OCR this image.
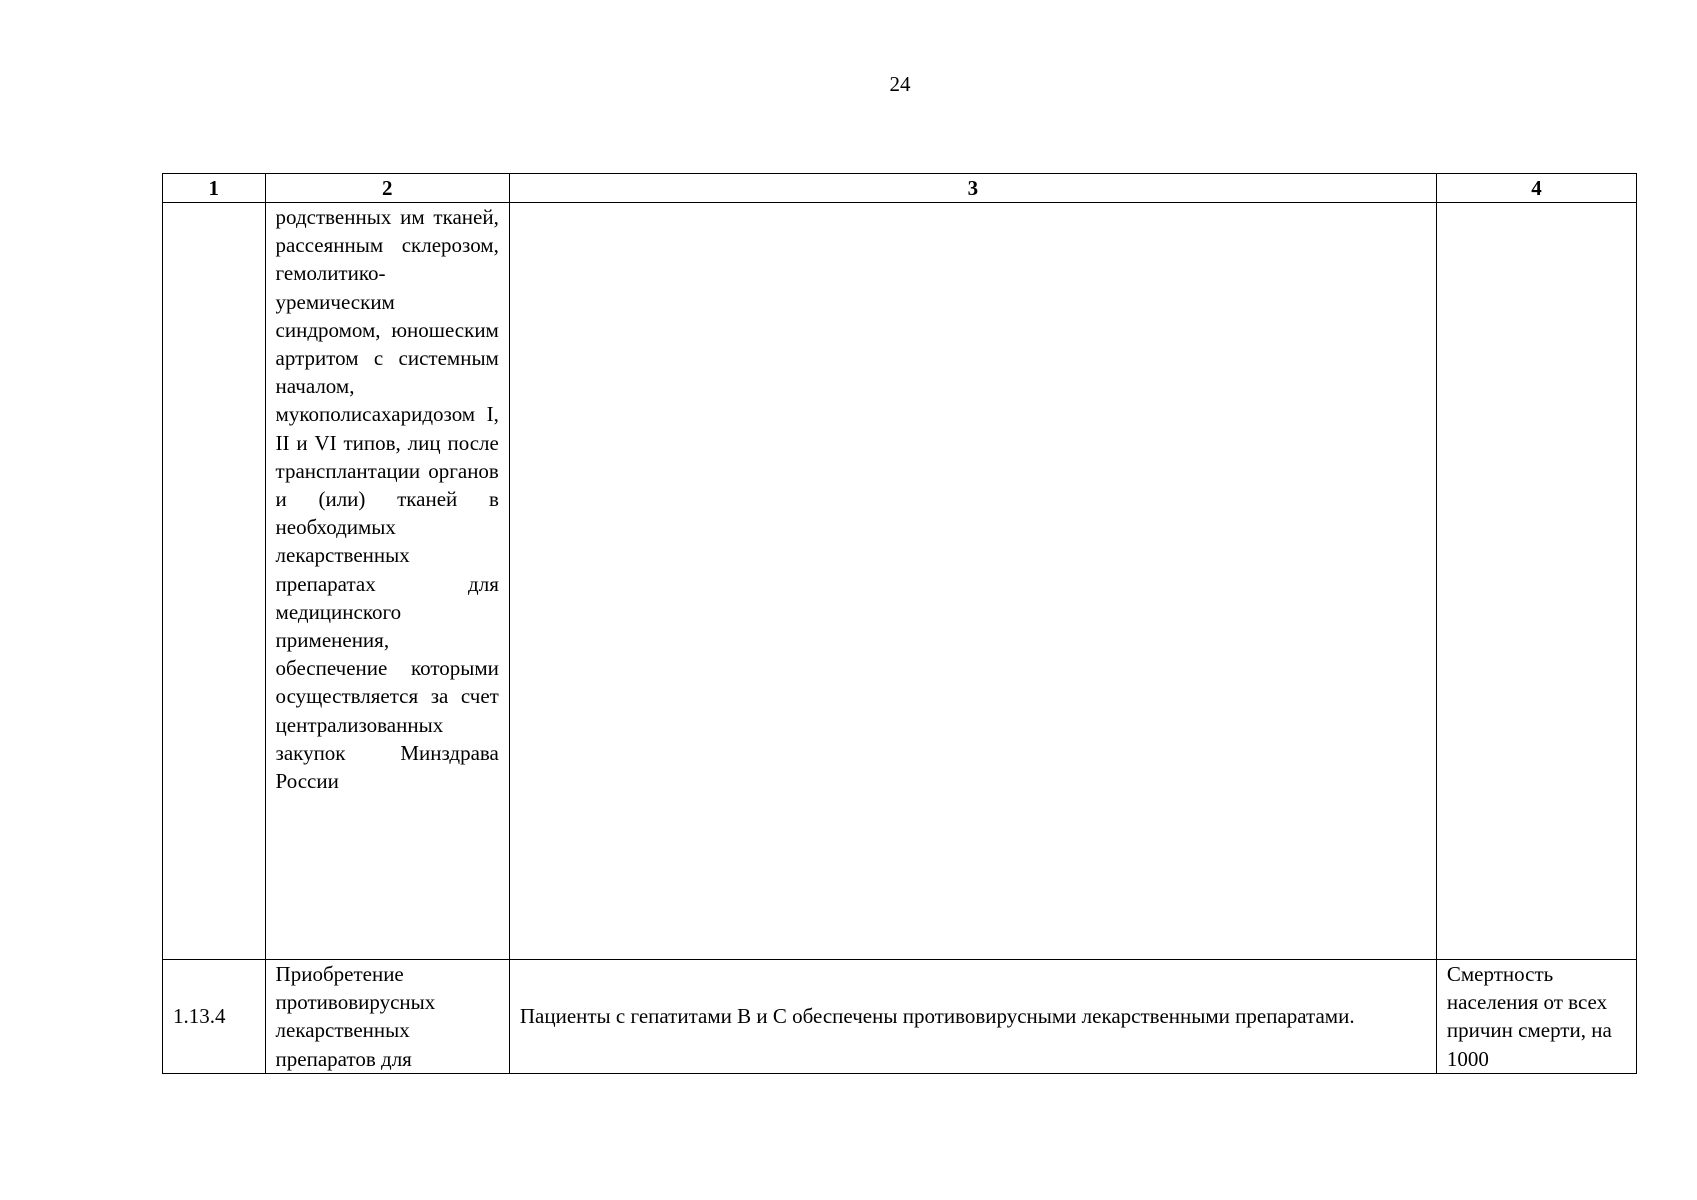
24
1	2	3	4
	родственных им тканей, рассеянным склерозом, гемолитико-уремическим синдромом, юношеским артритом с системным началом, мукополисахаридозом I, II и VI типов, лиц после трансплантации органов и (или) тканей в необходимых лекарственных препаратах для медицинского применения, обеспечение которыми осуществляется за счет централизованных закупок Минздрава России		
1.13.4	Приобретение противовирусных лекарственных препаратов для	Пациенты с гепатитами В и С обеспечены противовирусными лекарственными препаратами.	Смертность населения от всех причин смерти, на 1000
